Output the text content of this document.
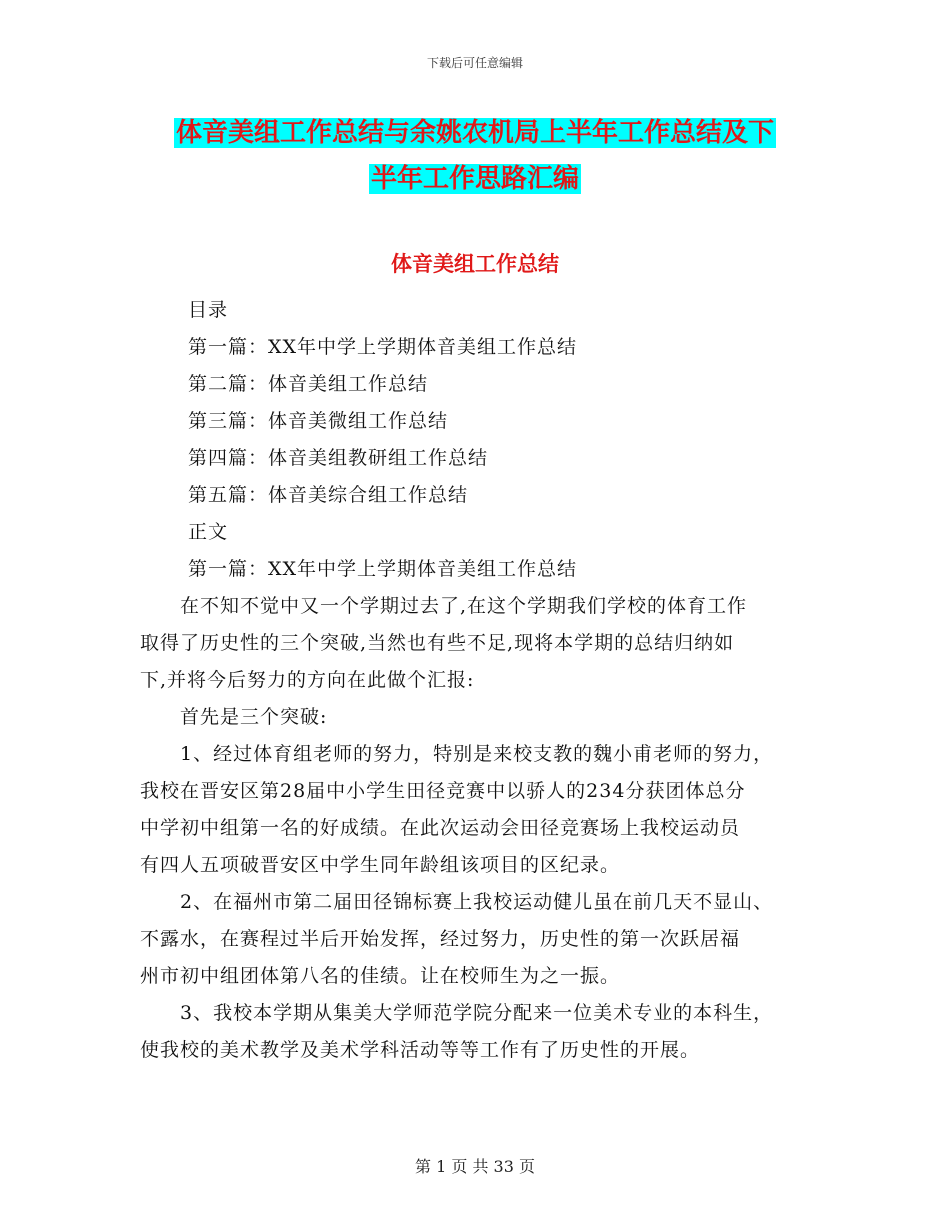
下载后可任意编辑
体音美组工作总结与余姚农机局上半年工作总结及下
半年工作思路汇编
体音美组工作总结
目录
第一篇：XX年中学上学期体音美组工作总结
第二篇：体音美组工作总结
第三篇：体音美微组工作总结
第四篇：体音美组教研组工作总结
第五篇：体音美综合组工作总结
正文
第一篇：XX年中学上学期体音美组工作总结
　　在不知不觉中又一个学期过去了,在这个学期我们学校的体育工作
取得了历史性的三个突破,当然也有些不足,现将本学期的总结归纳如
下,并将今后努力的方向在此做个汇报:
　　首先是三个突破:
　　1、经过体育组老师的努力，特别是来校支教的魏小甫老师的努力，
我校在晋安区第28届中小学生田径竞赛中以骄人的234分获团体总分
中学初中组第一名的好成绩。在此次运动会田径竞赛场上我校运动员
有四人五项破晋安区中学生同年龄组该项目的区纪录。
　　2、在福州市第二届田径锦标赛上我校运动健儿虽在前几天不显山、
不露水，在赛程过半后开始发挥，经过努力，历史性的第一次跃居福
州市初中组团体第八名的佳绩。让在校师生为之一振。
　　3、我校本学期从集美大学师范学院分配来一位美术专业的本科生，
使我校的美术教学及美术学科活动等等工作有了历史性的开展。
第 1 页 共 33 页
